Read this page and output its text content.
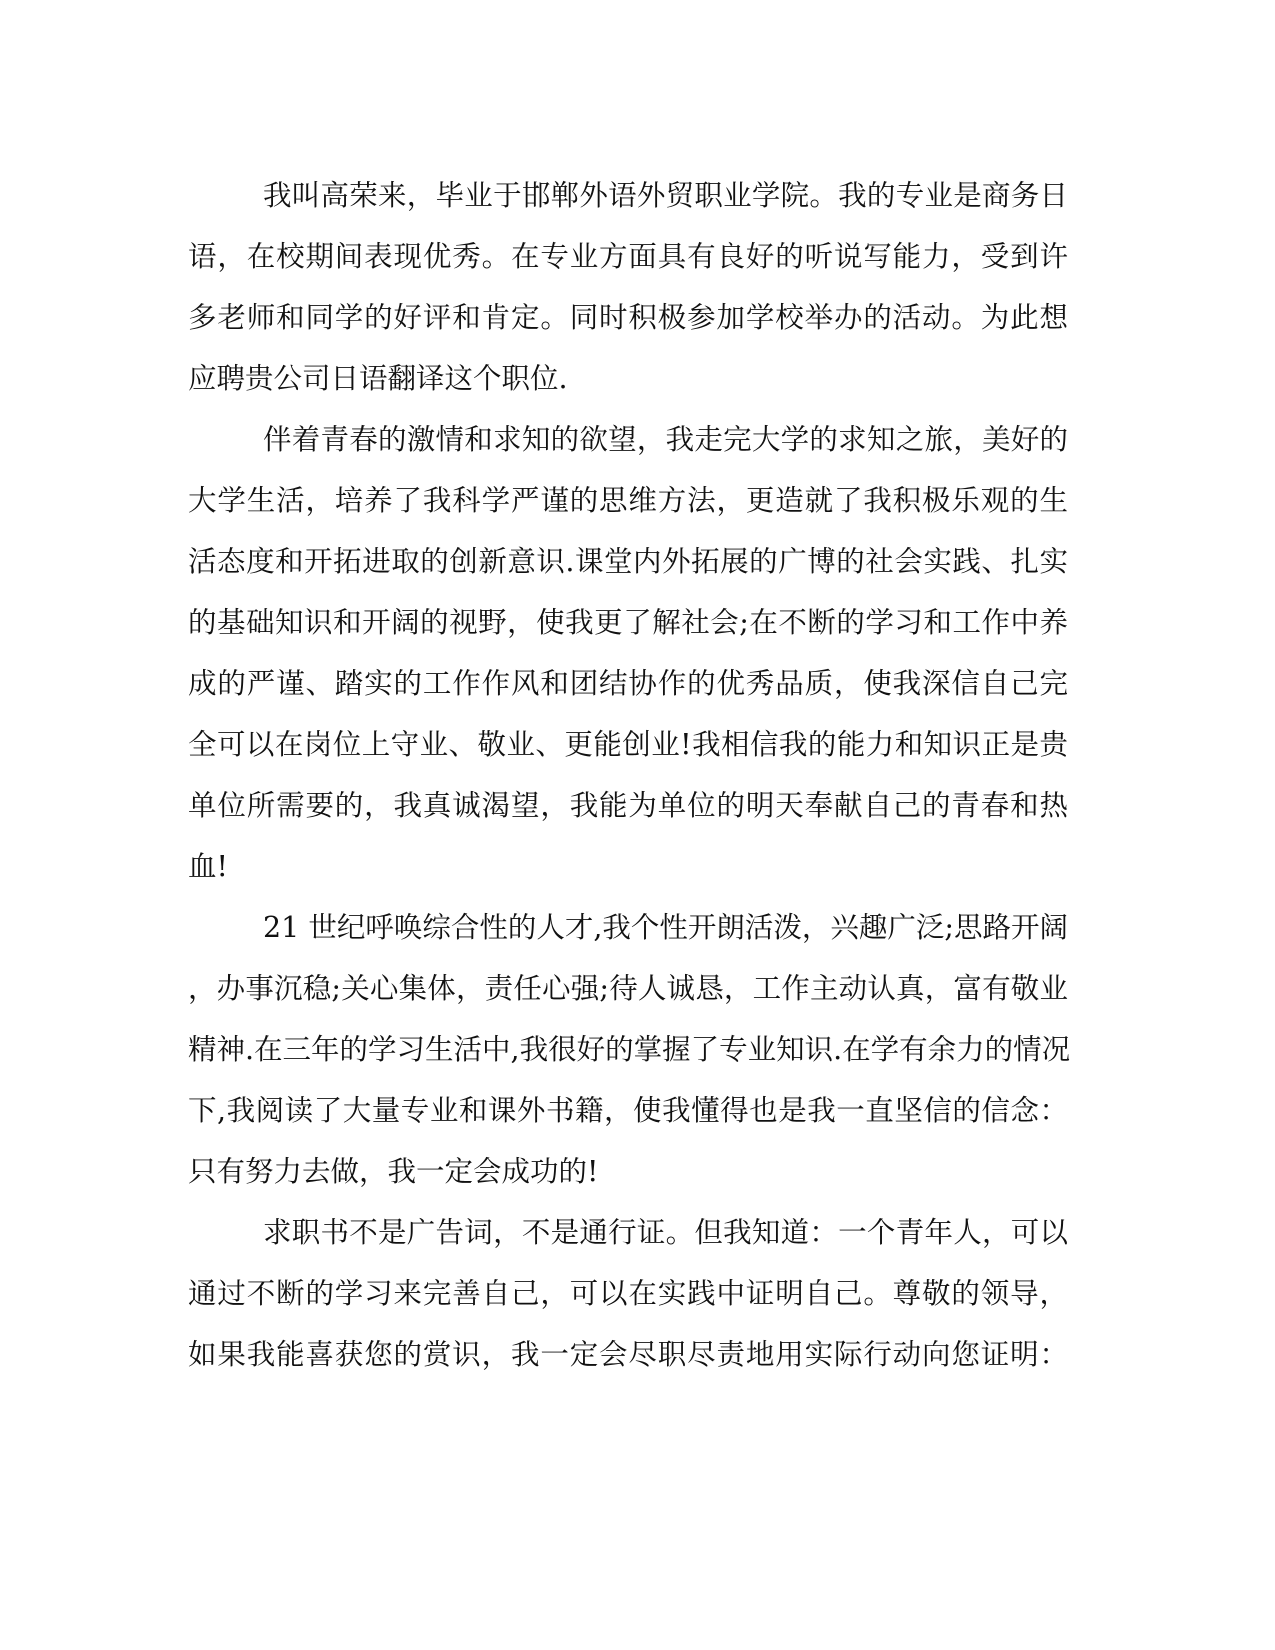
我叫高荣来，毕业于邯郸外语外贸职业学院。我的专业是商务日
语，在校期间表现优秀。在专业方面具有良好的听说写能力，受到许
多老师和同学的好评和肯定。同时积极参加学校举办的活动。为此想
应聘贵公司日语翻译这个职位.
伴着青春的激情和求知的欲望，我走完大学的求知之旅，美好的
大学生活，培养了我科学严谨的思维方法，更造就了我积极乐观的生
活态度和开拓进取的创新意识.课堂内外拓展的广博的社会实践、扎实
的基础知识和开阔的视野，使我更了解社会;在不断的学习和工作中养
成的严谨、踏实的工作作风和团结协作的优秀品质，使我深信自己完
全可以在岗位上守业、敬业、更能创业!我相信我的能力和知识正是贵
单位所需要的，我真诚渴望，我能为单位的明天奉献自己的青春和热
血!
21 世纪呼唤综合性的人才,我个性开朗活泼，兴趣广泛;思路开阔
，办事沉稳;关心集体，责任心强;待人诚恳，工作主动认真，富有敬业
精神.在三年的学习生活中,我很好的掌握了专业知识.在学有余力的情况
下,我阅读了大量专业和课外书籍，使我懂得也是我一直坚信的信念：
只有努力去做，我一定会成功的!
求职书不是广告词，不是通行证。但我知道：一个青年人，可以
通过不断的学习来完善自己，可以在实践中证明自己。尊敬的领导，
如果我能喜获您的赏识，我一定会尽职尽责地用实际行动向您证明：
